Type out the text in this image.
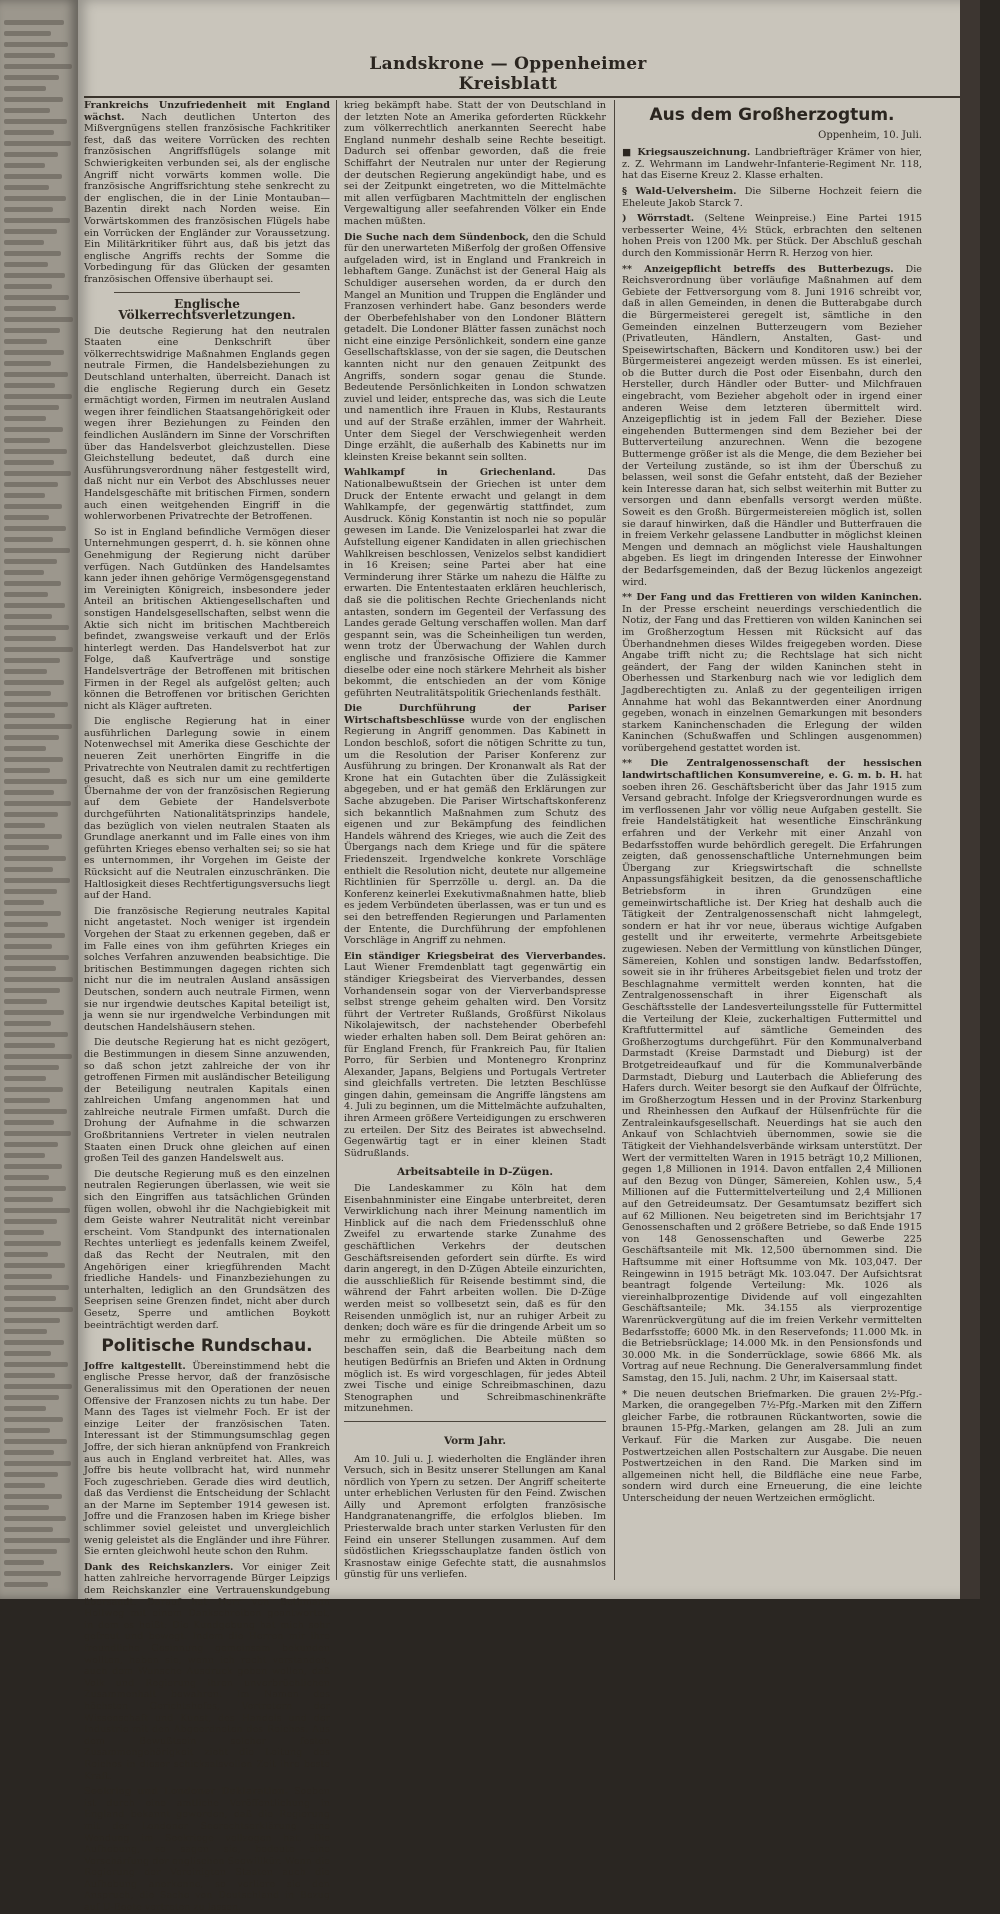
Landskrone — Oppenheimer Kreisblatt

Frankreichs Unzufriedenheit mit England wächst. Nach deutlichen Unterton des Mißvergnügens stellen französische Fachkritiker fest, daß das weitere Vorrücken des rechten französischen Angriffsflügels solange mit Schwierigkeiten verbunden sei, als der englische Angriff nicht vorwärts kommen wolle. Die französische Angriffsrichtung stehe senkrecht zu der englischen, die in der Linie Montauban—Bazentin direkt nach Norden weise. Ein Vorwärtskommen des französischen Flügels habe ein Vorrücken der Engländer zur Voraussetzung. Ein Militärkritiker führt aus, daß bis jetzt das englische Angriffs rechts der Somme die Vorbedingung für das Glücken der gesamten französischen Offensive überhaupt sei.

Englische Völkerrechtsverletzungen.

Die deutsche Regierung hat den neutralen Staaten eine Denkschrift über völkerrechtswidrige Maßnahmen Englands gegen neutrale Firmen, die Handelsbeziehungen zu Deutschland unterhalten, überreicht. Danach ist die englische Regierung durch ein Gesetz ermächtigt worden, Firmen im neutralen Ausland wegen ihrer feindlichen Staatsangehörigkeit oder wegen ihrer Beziehungen zu Feinden den feindlichen Ausländern im Sinne der Vorschriften über das Handelsverbot gleichzustellen. Diese Gleichstellung bedeutet, daß durch eine Ausführungsverordnung näher festgestellt wird, daß nicht nur ein Verbot des Abschlusses neuer Handelsgeschäfte mit britischen Firmen, sondern auch einen weitgehenden Eingriff in die wohlerworbenen Privatrechte der Betroffenen.

So ist in England befindliche Vermögen dieser Unternehmungen gesperrt, d. h. sie können ohne Genehmigung der Regierung nicht darüber verfügen. Nach Gutdünken des Handelsamtes kann jeder ihnen gehörige Vermögensgegenstand im Vereinigten Königreich, insbesondere jeder Anteil an britischen Aktiengesellschaften und sonstigen Handelsgesellschaften, selbst wenn die Aktie sich nicht im britischen Machtbereich befindet, zwangsweise verkauft und der Erlös hinterlegt werden. Das Handelsverbot hat zur Folge, daß Kaufverträge und sonstige Handelsverträge der Betroffenen mit britischen Firmen in der Regel als aufgelöst gelten; auch können die Betroffenen vor britischen Gerichten nicht als Kläger auftreten.

Die englische Regierung hat in einer ausführlichen Darlegung sowie in einem Notenwechsel mit Amerika diese Geschichte der neueren Zeit unerhörten Eingriffe in die Privatrechte von Neutralen damit zu rechtfertigen gesucht, daß es sich nur um eine gemilderte Übernahme der von der französischen Regierung auf dem Gebiete der Handelsverbote durchgeführten Nationalitätsprinzips handele, das bezüglich von vielen neutralen Staaten als Grundlage anerkannt und im Falle eines von ihm geführten Krieges ebenso verhalten sei; so sie hat es unternommen, ihr Vorgehen im Geiste der Rücksicht auf die Neutralen einzuschränken. Die Haltlosigkeit dieses Rechtfertigungsversuchs liegt auf der Hand.

Die französische Regierung neutrales Kapital nicht angetastet. Noch weniger ist irgendein Vorgehen der Staat zu erkennen gegeben, daß er im Falle eines von ihm geführten Krieges ein solches Verfahren anzuwenden beabsichtige. Die britischen Bestimmungen dagegen richten sich nicht nur die im neutralen Ausland ansässigen Deutschen, sondern auch neutrale Firmen, wenn sie nur irgendwie deutsches Kapital beteiligt ist, ja wenn sie nur irgendwelche Verbindungen mit deutschen Handelshäusern stehen.

Die deutsche Regierung hat es nicht gezögert, die Bestimmungen in diesem Sinne anzuwenden, so daß schon jetzt zahlreiche der von ihr getroffenen Firmen mit ausländischer Beteiligung der Beteiligung neutralen Kapitals einen zahlreichen Umfang angenommen hat und zahlreiche neutrale Firmen umfaßt. Durch die Drohung der Aufnahme in die schwarzen Großbritanniens Vertreter in vielen neutralen Staaten einen Druck ohne gleichen auf einen großen Teil des ganzen Handelswelt aus.

Die deutsche Regierung muß es den einzelnen neutralen Regierungen überlassen, wie weit sie sich den Eingriffen aus tatsächlichen Gründen fügen wollen, obwohl ihr die Nachgiebigkeit mit dem Geiste wahrer Neutralität nicht vereinbar erscheint. Vom Standpunkt des internationalen Rechtes unterliegt es jedenfalls keinem Zweifel, daß das Recht der Neutralen, mit den Angehörigen einer kriegführenden Macht friedliche Handels- und Finanzbeziehungen zu unterhalten, lediglich an den Grundsätzen des Seeprisen seine Grenzen findet, nicht aber durch Gesetz, Sperre und amtlichen Boykott beeinträchtigt werden darf.

Politische Rundschau.

Joffre kaltgestellt. Übereinstimmend hebt die englische Presse hervor, daß der französische Generalissimus mit den Operationen der neuen Offensive der Franzosen nichts zu tun habe. Der Mann des Tages ist vielmehr Foch. Er ist der einzige Leiter der französischen Taten. Interessant ist der Stimmungsumschlag gegen Joffre, der sich hieran anknüpfend von Frankreich aus auch in England verbreitet hat. Alles, was Joffre bis heute vollbracht hat, wird nunmehr Foch zugeschrieben. Gerade dies wird deutlich, daß das Verdienst die Entscheidung der Schlacht an der Marne im September 1914 gewesen ist. Joffre und die Franzosen haben im Kriege bisher schlimmer soviel geleistet und unvergleichlich wenig geleistet als die Engländer und ihre Führer. Sie ernten gleichwohl heute schon den Ruhm.

Dank des Reichskanzlers. Vor einiger Zeit hatten zahlreiche hervorragende Bürger Leipzigs dem Reichskanzler eine Vertrauenskundgebung übersandt. Darauf hat Herr von Bethmann Hollweg mit einem Dankschreiben geantwortet, in dem es heißt: Die Kundgebung hat mich sehr gefreut und bewegt. Indem die Herren mir ihre freundliche Gesinnung gemeinsam bekunden wollten, haben sie, wenn ich recht verstanden, auch dem Wunsche Ausdruck geben wollen, daß Volk und Regierung ihren unverbrüchlichen Zusammenhalt bewahren. Im Namen des höchsten Gerichtshofes, Vertretern der Wissenschaft und Kunst, des Handels und der Industrie mit den Abgeordneten des Reiches. Aus dem Bewußtsein solcher festen Zusammengehörigkeit zieht die Leitung des Reiches in dieser schicksalsvollen Zeit ihre beste Kraft.

Seekrieg und Londoner Deklaration. Soeben ist durch eine amtliche Veröffentlichung in England bekannt geworden, daß die Regierung mit der Londoner Seerechtserklärung eine Wendung im Seekriege vollzogen hat. Die Aufhebung, so sagen sie, bedeute eine Verschärfung der englischen Seewillkür. Wenn die Regierung der Vereinigten Staaten auch die Aufhebung anerkenne, so verliere sie den Anspruch, die Sache von Deutschland in Bezug auf U-Boote vertreten zu lassen.

krieg bekämpft habe. Statt der von Deutschland in der letzten Note an Amerika geforderten Rückkehr zum völkerrechtlich anerkannten Seerecht habe England nunmehr deshalb seine Rechte beseitigt. Dadurch sei offenbar geworden, daß die freie Schiffahrt der Neutralen nur unter der Regierung der deutschen Regierung angekündigt habe, und es sei der Zeitpunkt eingetreten, wo die Mittelmächte mit allen verfügbaren Machtmitteln der englischen Vergewaltigung aller seefahrenden Völker ein Ende machen müßten.

Die Suche nach dem Sündenbock, den die Schuld für den unerwarteten Mißerfolg der großen Offensive aufgeladen wird, ist in England und Frankreich in lebhaftem Gange. Zunächst ist der General Haig als Schuldiger ausersehen worden, da er durch den Mangel an Munition und Truppen die Engländer und Franzosen verhindert habe. Ganz besonders werde der Oberbefehlshaber von den Londoner Blättern getadelt. Die Londoner Blätter fassen zunächst noch nicht eine einzige Persönlichkeit, sondern eine ganze Gesellschaftsklasse, von der sie sagen, die Deutschen kannten nicht nur den genauen Zeitpunkt des Angriffs, sondern sogar genau die Stunde. Bedeutende Persönlichkeiten in London schwatzen zuviel und leider, entspreche das, was sich die Leute und namentlich ihre Frauen in Klubs, Restaurants und auf der Straße erzählen, immer der Wahrheit. Unter dem Siegel der Verschwiegenheit werden Dinge erzählt, die außerhalb des Kabinetts nur im kleinsten Kreise bekannt sein sollten.

Wahlkampf in Griechenland.	Das Nationalbewußtsein der Griechen ist unter dem Druck der Entente erwacht und gelangt in dem Wahlkampfe, der gegenwärtig stattfindet, zum Ausdruck. König Konstantin ist noch nie so populär gewesen im Lande. Die Venizelosparlei hat zwar die Aufstellung eigener Kandidaten in allen griechischen Wahlkreisen beschlossen, Venizelos selbst kandidiert in 16 Kreisen; seine Partei aber hat eine Verminderung ihrer Stärke um nahezu die Hälfte zu erwarten. Die Ententestaaten erklären heuchlerisch, daß sie die politischen Rechte Griechenlands nicht antasten, sondern im Gegenteil der Verfassung des Landes gerade Geltung verschaffen wollen. Man darf gespannt sein, was die Scheinheiligen tun werden, wenn trotz der Überwachung der Wahlen durch englische und französische Offiziere die Kammer dieselbe oder eine noch stärkere Mehrheit als bisher bekommt, die entschieden an der vom Könige geführten Neutralitätspolitik Griechenlands festhält.

Die Durchführung der Pariser Wirtschaftsbeschlüsse wurde von der englischen Regierung in Angriff genommen. Das Kabinett in London beschloß, sofort die nötigen Schritte zu tun, um die Resolution der Pariser Konferenz zur Ausführung zu bringen. Der Kronanwalt als Rat der Krone hat ein Gutachten über die Zulässigkeit abgegeben, und er hat gemäß den Erklärungen zur Sache abzugeben. Die Pariser Wirtschaftskonferenz sich bekanntlich Maßnahmen zum Schutz des eigenen und zur Bekämpfung des feindlichen Handels während des Krieges, wie auch die Zeit des Übergangs nach dem Kriege und für die spätere Friedenszeit. Irgendwelche konkrete Vorschläge enthielt die Resolution nicht, deutete nur allgemeine Richtlinien für Sperrzölle u. dergl. an. Da die Konferenz keinerlei Exekutivmaßnahmen hatte, blieb es jedem Verbündeten überlassen, was er tun und es sei den betreffenden Regierungen und Parlamenten der Entente, die Durchführung der empfohlenen Vorschläge in Angriff zu nehmen.

Ein ständiger Kriegsbeirat des Vierverbandes. Laut Wiener Fremdenblatt tagt gegenwärtig ein ständiger Kriegsbeirat des Vierverbandes, dessen Vorhandensein sogar von der Vierverbandspresse selbst strenge geheim gehalten wird. Den Vorsitz führt der Vertreter Rußlands, Großfürst Nikolaus Nikolajewitsch, der nachstehender Oberbefehl wieder erhalten haben soll. Dem Beirat gehören an: für England French, für Frankreich Pau, für Italien Porro, für Serbien und Montenegro Kronprinz Alexander, Japans, Belgiens und Portugals Vertreter sind gleichfalls vertreten. Die letzten Beschlüsse gingen dahin, gemeinsam die Angriffe längstens am 4. Juli zu beginnen, um die Mittelmächte aufzuhalten, ihren Armeen größere Verteidigungen zu erschweren zu erteilen. Der Sitz des Beirates ist abwechselnd. Gegenwärtig tagt er in einer kleinen Stadt Südrußlands.

Arbeitsabteile in D-Zügen.

Die Landeskammer zu Köln hat dem Eisenbahnminister eine Eingabe unterbreitet, deren Verwirklichung nach ihrer Meinung namentlich im Hinblick auf die nach dem Friedensschluß ohne Zweifel zu erwartende starke Zunahme des geschäftlichen Verkehrs der deutschen Geschäftsreisenden gefordert sein dürfte. Es wird darin angeregt, in den D-Zügen Abteile einzurichten, die ausschließlich für Reisende bestimmt sind, die während der Fahrt arbeiten wollen. Die D-Züge werden meist so vollbesetzt sein, daß es für den Reisenden unmöglich ist, nur an ruhiger Arbeit zu denken; doch wäre es für die dringende Arbeit um so mehr zu ermöglichen. Die Abteile müßten so beschaffen sein, daß die Bearbeitung nach dem heutigen Bedürfnis an Briefen und Akten in Ordnung möglich ist. Es wird vorgeschlagen, für jedes Abteil zwei Tische und einige Schreibmaschinen, dazu Stenographen und Schreibmaschinenkräfte mitzunehmen.

Vorm Jahr.

Am 10. Juli u. J. wiederholten die Engländer ihren Versuch, sich in Besitz unserer Stellungen am Kanal nördlich von Ypern zu setzen. Der Angriff scheiterte unter erheblichen Verlusten für den Feind. Zwischen Ailly und Apremont erfolgten französische Handgranatenangriffe, die erfolglos blieben. Im Priesterwalde brach unter starken Verlusten für den Feind ein unserer Stellungen zusammen. Auf dem südöstlichen Kriegsschauplatze fanden östlich von Krasnostaw einige Gefechte statt, die ausnahmslos günstig für uns verliefen.

Aus dem Großherzogtum.
Oppenheim, 10. Juli.

■ Kriegsauszeichnung. Landbriefträger Krämer von hier, z. Z. Wehrmann im Landwehr-Infanterie-Regiment Nr. 118, hat das Eiserne Kreuz 2. Klasse erhalten.

§ Wald-Uelversheim. Die Silberne Hochzeit feiern die Eheleute Jakob Starck 7.

) Wörrstadt. (Seltene Weinpreise.) Eine Partei 1915 verbesserter Weine, 4½ Stück, erbrachten den seltenen hohen Preis von 1200 Mk. per Stück. Der Abschluß geschah durch den Kommissionär Herrn R. Herzog von hier.

** Anzeigepflicht betreffs des Butterbezugs. Die Reichsverordnung über vorläufige Maßnahmen auf dem Gebiete der Fettversorgung vom 8. Juni 1916 schreibt vor, daß in allen Gemeinden, in denen die Butterabgabe durch die Bürgermeisterei geregelt ist, sämtliche in den Gemeinden einzelnen Butterzeugern vom Bezieher (Privatleuten, Händlern, Anstalten, Gast- und Speisewirtschaften, Bäckern und Konditoren usw.) bei der Bürgermeisterei angezeigt werden müssen. Es ist einerlei, ob die Butter durch die Post oder Eisenbahn, durch den Hersteller, durch Händler oder Butter- und Milchfrauen eingebracht, vom Bezieher abgeholt oder in irgend einer anderen Weise dem letzteren übermittelt wird. Anzeigepflichtig ist in jedem Fall der Bezieher. Diese eingehenden Buttermengen sind dem Bezieher bei der Butterverteilung anzurechnen. Wenn die bezogene Buttermenge größer ist als die Menge, die dem Bezieher bei der Verteilung zustände, so ist ihm der Überschuß zu belassen, weil sonst die Gefahr entsteht, daß der Bezieher kein Interesse daran hat, sich selbst weiterhin mit Butter zu versorgen und dann ebenfalls versorgt werden müßte. Soweit es den Großh. Bürgermeistereien möglich ist, sollen sie darauf hinwirken, daß die Händler und Butterfrauen die in freiem Verkehr gelassene Landbutter in möglichst kleinen Mengen und demnach an möglichst viele Haushaltungen abgeben. Es liegt im dringenden Interesse der Einwohner der Bedarfsgemeinden, daß der Bezug lückenlos angezeigt wird.

** Der Fang und das Frettieren von wilden Kaninchen. In der Presse erscheint neuerdings verschiedentlich die Notiz, der Fang und das Frettieren von wilden Kaninchen sei im Großherzogtum Hessen mit Rücksicht auf das Überhandnehmen dieses Wildes freigegeben worden. Diese Angabe trifft nicht zu; die Rechtslage hat sich nicht geändert, der Fang der wilden Kaninchen steht in Oberhessen und Starkenburg nach wie vor lediglich dem Jagdberechtigten zu. Anlaß zu der gegenteiligen irrigen Annahme hat wohl das Bekanntwerden einer Anordnung gegeben, wonach in einzelnen Gemarkungen mit besonders starkem Kaninchenschaden die Erlegung der wilden Kaninchen (Schußwaffen und Schlingen ausgenommen) vorübergehend gestattet worden ist.

** Die Zentralgenossenschaft der hessischen landwirtschaftlichen Konsumvereine, e. G. m. b. H. hat soeben ihren 26. Geschäftsbericht über das Jahr 1915 zum Versand gebracht. Infolge der Kriegsverordnungen wurde es im verflossenen Jahr vor völlig neue Aufgaben gestellt. Sie freie Handelstätigkeit hat wesentliche Einschränkung erfahren und der Verkehr mit einer Anzahl von Bedarfsstoffen wurde behördlich geregelt. Die Erfahrungen zeigten, daß genossenschaftliche Unternehmungen beim Übergang zur Kriegswirtschaft die schnellste Anpassungsfähigkeit besitzen, da die genossenschaftliche Betriebsform in ihren Grundzügen eine gemeinwirtschaftliche ist. Der Krieg hat deshalb auch die Tätigkeit der Zentralgenossenschaft nicht lahmgelegt, sondern er hat ihr vor neue, überaus wichtige Aufgaben gestellt und ihr erweiterte, vermehrte Arbeitsgebiete zugewiesen. Neben der Vermittlung von künstlichen Dünger, Sämereien, Kohlen und sonstigen landw. Bedarfsstoffen, soweit sie in ihr früheres Arbeitsgebiet fielen und trotz der Beschlagnahme vermittelt werden konnten, hat die Zentralgenossenschaft in ihrer Eigenschaft als Geschäftsstelle der Landesverteilungsstelle für Futtermittel die Verteilung der Kleie, zuckerhaltigen Futtermittel und Kraftfuttermittel auf sämtliche Gemeinden des Großherzogtums durchgeführt. Für den Kommunalverband Darmstadt (Kreise Darmstadt und Dieburg) ist der Brotgetreideaufkauf und für die Kommunalverbände Darmstadt, Dieburg und Lauterbach die Ablieferung des Hafers durch. Weiter besorgt sie den Aufkauf der Ölfrüchte, im Großherzogtum Hessen und in der Provinz Starkenburg und Rheinhessen den Aufkauf der Hülsenfrüchte für die Zentraleinkaufsgesellschaft. Neuerdings hat sie auch den Ankauf von Schlachtvieh übernommen, sowie sie die Tätigkeit der Viehhandelsverbände wirksam unterstützt. Der Wert der vermittelten Waren in 1915 beträgt 10,2 Millionen, gegen 1,8 Millionen in 1914. Davon entfallen 2,4 Millionen auf den Bezug von Dünger, Sämereien, Kohlen usw., 5,4 Millionen auf die Futtermittelverteilung und 2,4 Millionen auf den Getreideumsatz. Der Gesamtumsatz beziffert sich auf 62 Millionen. Neu beigetreten sind im Berichtsjahr 17 Genossenschaften und 2 größere Betriebe, so daß Ende 1915 von 148 Genossenschaften und Gewerbe 225 Geschäftsanteile mit Mk. 12,500 übernommen sind. Die Haftsumme mit einer Hoftsumme von Mk. 103,047. Der Reingewinn in 1915 beträgt Mk. 103.047. Der Aufsichtsrat beantragt folgende Verteilung: Mk. 1026 als viereinhalbprozentige Dividende auf voll eingezahlten Geschäftsanteile; Mk. 34.155 als vierprozentige Warenrückvergütung auf die im freien Verkehr vermittelten Bedarfsstoffe; 6000 Mk. in den Reservefonds; 11.000 Mk. in die Betriebsrücklage; 14.000 Mk. in den Pensionsfonds und 30.000 Mk. in die Sonderrücklage, sowie 6866 Mk. als Vortrag auf neue Rechnung. Die Generalversammlung findet Samstag, den 15. Juli, nachm. 2 Uhr, im Kaisersaal statt.

* Die neuen deutschen Briefmarken. Die grauen 2½-Pfg.-Marken, die orangegelben 7½-Pfg.-Marken mit den Ziffern gleicher Farbe, die rotbraunen Rückantworten, sowie die braunen 15-Pfg.-Marken, gelangen am 28. Juli an zum Verkauf. Für die Marken zur Ausgabe. Die neuen Postwertzeichen allen Postschaltern zur Ausgabe. Die neuen Postwertzeichen in den Rand. Die Marken sind im allgemeinen nicht hell, die Bildfläche eine neue Farbe, sondern wird durch eine Erneuerung, die eine leichte Unterscheidung der neuen Wertzeichen ermöglicht.
